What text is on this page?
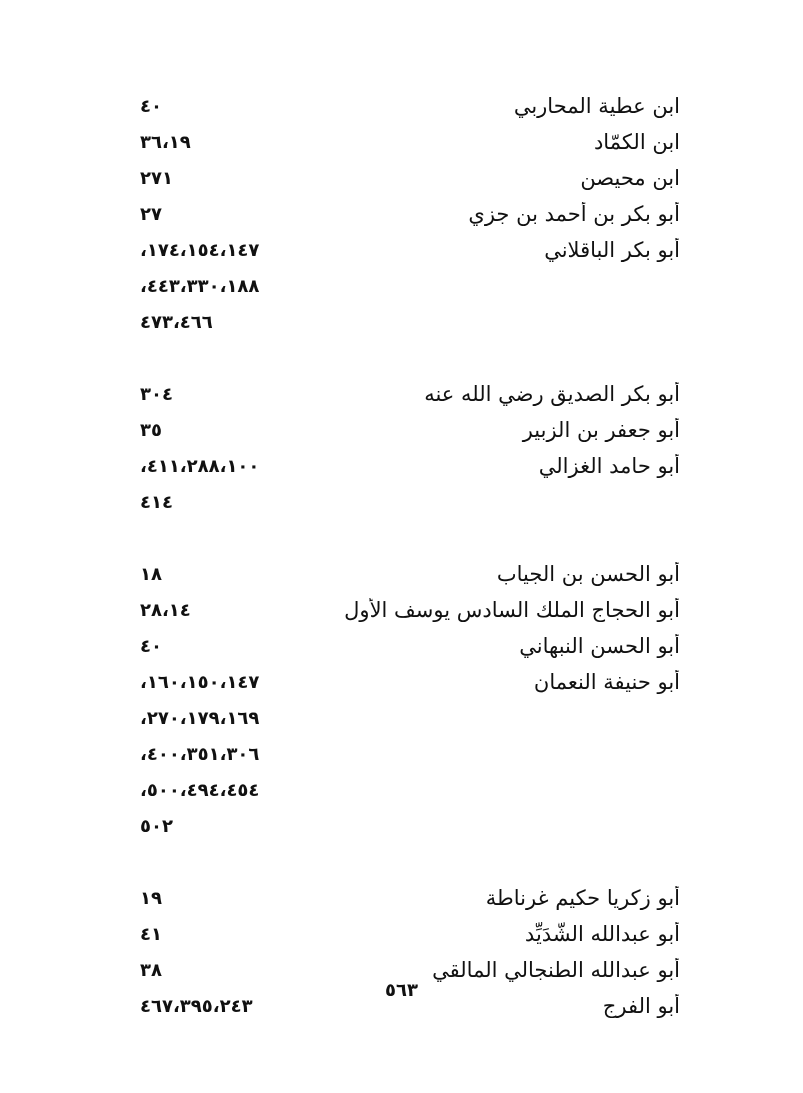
ابن عطية المحاربي
٤٠
ابن الكمّاد
٣٦،١٩
ابن محيصن
٢٧١
أبو بكر بن أحمد بن جزي
٢٧
أبو بكر الباقلاني
١٧٤،١٥٤،١٤٧،
٤٤٣،٣٣٠،١٨٨،
٤٧٣،٤٦٦
أبو بكر الصديق رضي الله عنه
٣٠٤
أبو جعفر بن الزبير
٣٥
أبو حامد الغزالي
٤١١،٢٨٨،١٠٠،
٤١٤
أبو الحسن بن الجياب
١٨
أبو الحجاج الملك السادس يوسف الأول
٢٨،١٤
أبو الحسن النبهاني
٤٠
أبو حنيفة النعمان
١٦٠،١٥٠،١٤٧،
٢٧٠،١٧٩،١٦٩،
٤٠٠،٣٥١،٣٠٦،
٥٠٠،٤٩٤،٤٥٤،
٥٠٢
أبو زكريا حكيم غرناطة
١٩
أبو عبدالله الشُّدَيِّد
٤١
أبو عبدالله الطنجالي المالقي
٣٨
أبو الفرج
٤٦٧،٣٩٥،٢٤٣
٥٦٣
